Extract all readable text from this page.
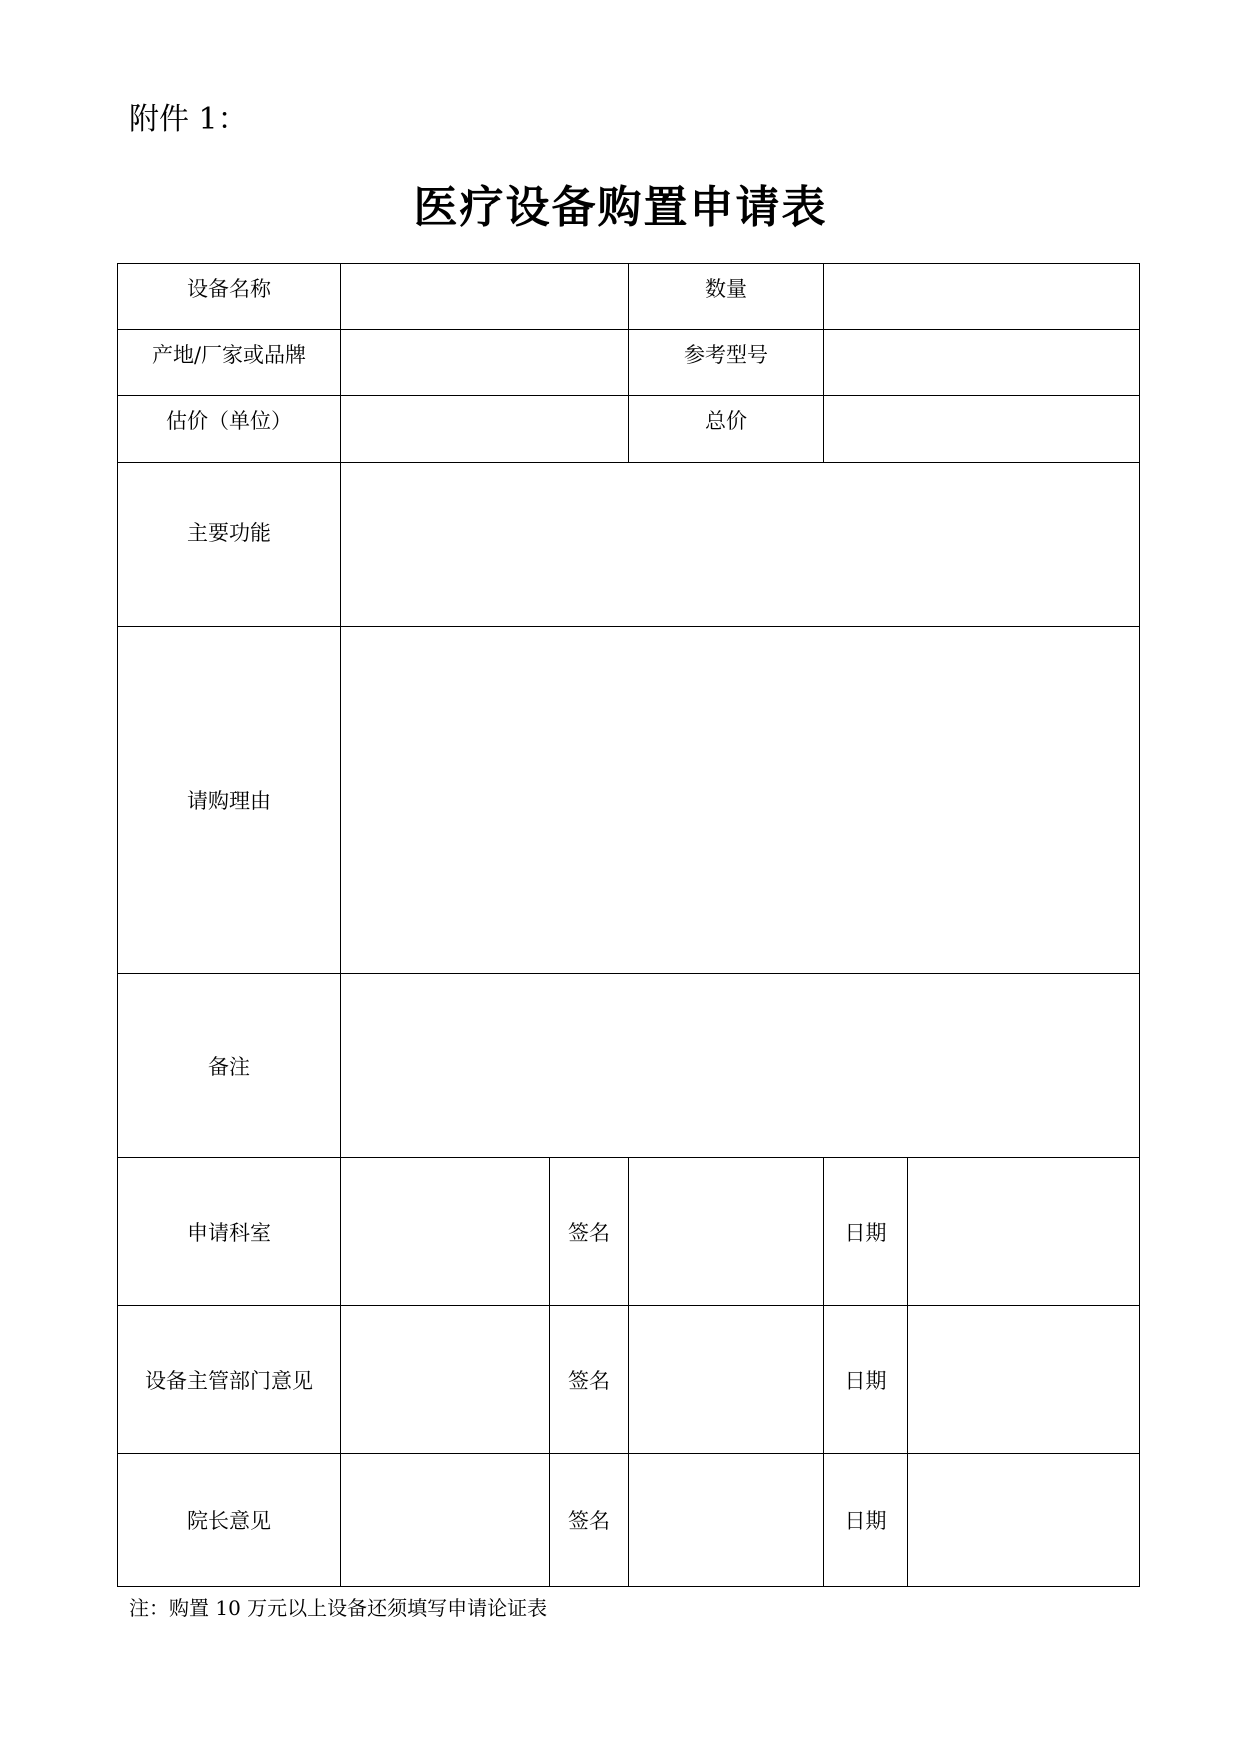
附件 1：
医疗设备购置申请表
设备名称			数量		
产地/厂家或品牌			参考型号		
估价（单位）			总价		
主要功能					
请购理由					
备注					
申请科室		签名		日期	
设备主管部门意见		签名		日期	
院长意见		签名		日期	
注：购置 10 万元以上设备还须填写申请论证表
